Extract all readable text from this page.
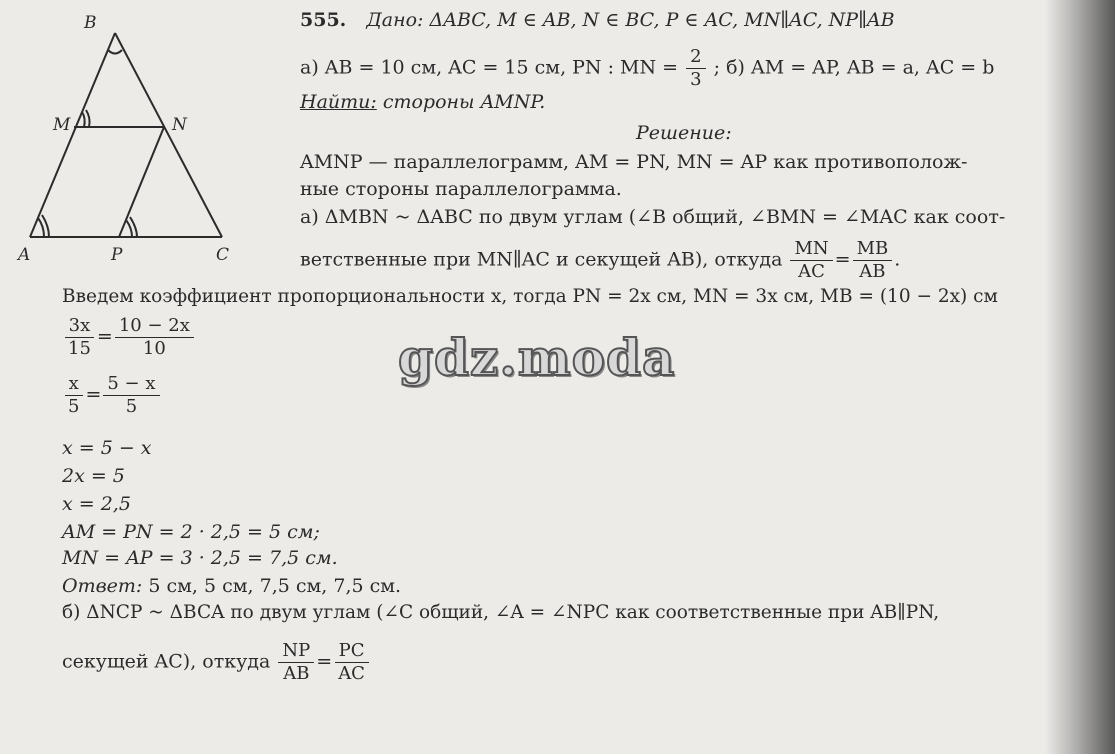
B
M	N
A	P	C
555. Дано: ΔABC, M ∈ AB, N ∈ BC, P ∈ AC, MN∥AC, NP∥AB
а) AB = 10 см, AC = 15 см, PN : MN = $\frac{2}{3}$ ; б) AM = AP, AB = a, AC = b
Найти: стороны AMNP.
Решение:
AMNP — параллелограмм, AM = PN, MN = AP как противополож-
ные стороны параллелограмма.
а) ΔMBN ~ ΔABC по двум углам (∠B общий, ∠BMN = ∠MAC как соот-
ветственные при MN∥AC и секущей AB), откуда $\frac{MN}{AC} = \frac{MB}{AB}$ .
Введем коэффициент пропорциональности x, тогда PN = 2x см, MN = 3x см, MB = (10 − 2x) см
$\frac{3x}{15} = \frac{10 - 2x}{10}$
$\frac{x}{5} = \frac{5 - x}{5}$
x = 5 − x
2x = 5
x = 2,5
AM = PN = 2 · 2,5 = 5 см;
MN = AP = 3 · 2,5 = 7,5 см.
Ответ: 5 см, 5 см, 7,5 см, 7,5 см.
б) ΔNCP ~ ΔBCA по двум углам (∠C общий, ∠A = ∠NPC как соответственные при AB∥PN,
секущей AC), откуда $\frac{NP}{AB} = \frac{PC}{AC}$
gdz.moda
